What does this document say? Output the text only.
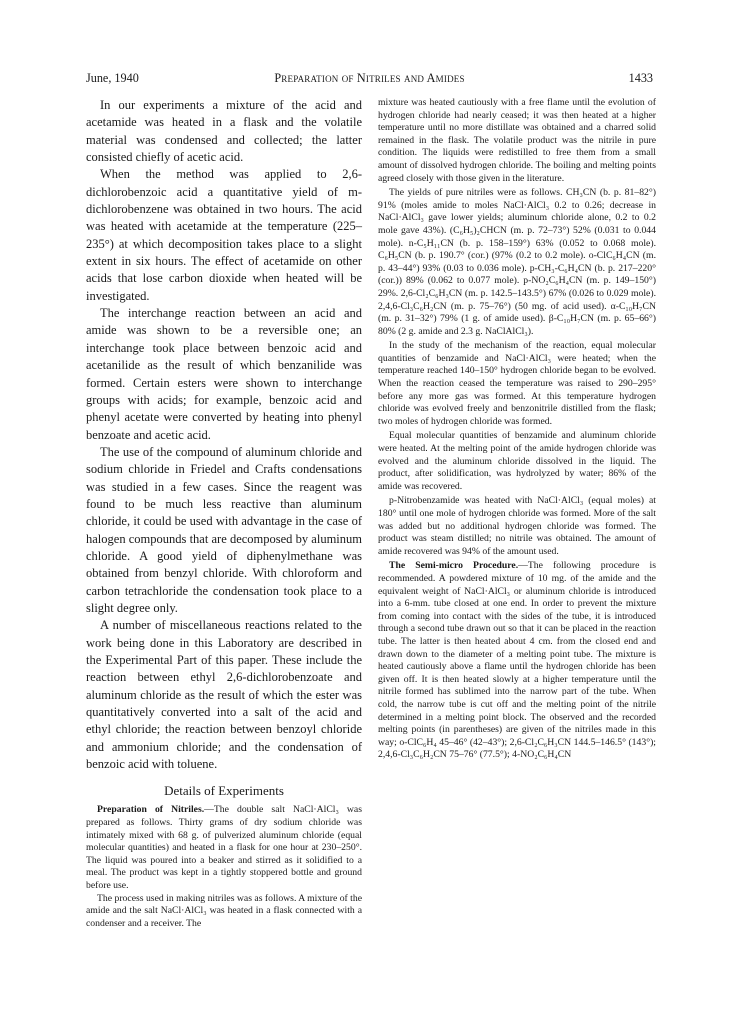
June, 1940	Preparation of Nitriles and Amides	1433

In our experiments a mixture of the acid and acetamide was heated in a flask and the volatile material was condensed and collected; the latter consisted chiefly of acetic acid.

When the method was applied to 2,6-dichlorobenzoic acid a quantitative yield of m-dichlorobenzene was obtained in two hours. The acid was heated with acetamide at the temperature (225–235°) at which decomposition takes place to a slight extent in six hours. The effect of acetamide on other acids that lose carbon dioxide when heated will be investigated.

The interchange reaction between an acid and amide was shown to be a reversible one; an interchange took place between benzoic acid and acetanilide as the result of which benzanilide was formed. Certain esters were shown to interchange groups with acids; for example, benzoic acid and phenyl acetate were converted by heating into phenyl benzoate and acetic acid.

The use of the compound of aluminum chloride and sodium chloride in Friedel and Crafts condensations was studied in a few cases. Since the reagent was found to be much less reactive than aluminum chloride, it could be used with advantage in the case of halogen compounds that are decomposed by aluminum chloride. A good yield of diphenylmethane was obtained from benzyl chloride. With chloroform and carbon tetrachloride the condensation took place to a slight degree only.

A number of miscellaneous reactions related to the work being done in this Laboratory are described in the Experimental Part of this paper. These include the reaction between ethyl 2,6-dichlorobenzoate and aluminum chloride as the result of which the ester was quantitatively converted into a salt of the acid and ethyl chloride; the reaction between benzoyl chloride and ammonium chloride; and the condensation of benzoic acid with toluene.

Details of Experiments

Preparation of Nitriles.—The double salt NaCl·AlCl₃ was prepared as follows. Thirty grams of dry sodium chloride was intimately mixed with 68 g. of pulverized aluminum chloride (equal molecular quantities) and heated in a flask for one hour at 230–250°. The liquid was poured into a beaker and stirred as it solidified to a meal. The product was kept in a tightly stoppered bottle and ground before use.

The process used in making nitriles was as follows. A mixture of the amide and the salt NaCl·AlCl₃ was heated in a flask connected with a condenser and a receiver. The

mixture was heated cautiously with a free flame until the evolution of hydrogen chloride had nearly ceased; it was then heated at a higher temperature until no more distillate was obtained and a charred solid remained in the flask. The volatile product was the nitrile in pure condition. The liquids were redistilled to free them from a small amount of dissolved hydrogen chloride. The boiling and melting points agreed closely with those given in the literature.

The yields of pure nitriles were as follows. CH₃CN (b. p. 81–82°) 91% (moles amide to moles NaCl·AlCl₃ 0.2 to 0.26; decrease in NaCl·AlCl₃ gave lower yields; aluminum chloride alone, 0.2 to 0.2 mole gave 43%). (C₆H₅)₂CHCN (m. p. 72–73°) 52% (0.031 to 0.044 mole). n-C₅H₁₁CN (b. p. 158–159°) 63% (0.052 to 0.068 mole). C₆H₅CN (b. p. 190.7° (cor.) (97% (0.2 to 0.2 mole). o-ClC₆H₄CN (m. p. 43–44°) 93% (0.03 to 0.036 mole). p-CH₃-C₆H₄CN (b. p. 217–220° (cor.)) 89% (0.062 to 0.077 mole). p-NO₂C₆H₄CN (m. p. 149–150°) 29%. 2,6-Cl₂C₆H₃CN (m. p. 142.5–143.5°) 67% (0.026 to 0.029 mole). 2,4,6-Cl₃C₆H₂CN (m. p. 75–76°) (50 mg. of acid used). α-C₁₀H₇CN (m. p. 31–32°) 79% (1 g. of amide used). β-C₁₀H₇CN (m. p. 65–66°) 80% (2 g. amide and 2.3 g. NaClAlCl₃).

In the study of the mechanism of the reaction, equal molecular quantities of benzamide and NaCl·AlCl₃ were heated; when the temperature reached 140–150° hydrogen chloride began to be evolved. When the reaction ceased the temperature was raised to 290–295° before any more gas was formed. At this temperature hydrogen chloride was evolved freely and benzonitrile distilled from the flask; two moles of hydrogen chloride was formed.

Equal molecular quantities of benzamide and aluminum chloride were heated. At the melting point of the amide hydrogen chloride was evolved and the aluminum chloride dissolved in the liquid. The product, after solidification, was hydrolyzed by water; 86% of the amide was recovered.

p-Nitrobenzamide was heated with NaCl·AlCl₃ (equal moles) at 180° until one mole of hydrogen chloride was formed. More of the salt was added but no additional hydrogen chloride was formed. The product was steam distilled; no nitrile was obtained. The amount of amide recovered was 94% of the amount used.

The Semi-micro Procedure.—The following procedure is recommended. A powdered mixture of 10 mg. of the amide and the equivalent weight of NaCl·AlCl₃ or aluminum chloride is introduced into a 6-mm. tube closed at one end. In order to prevent the mixture from coming into contact with the sides of the tube, it is introduced through a second tube drawn out so that it can be placed in the reaction tube. The latter is then heated about 4 cm. from the closed end and drawn down to the diameter of a melting point tube. The mixture is heated cautiously above a flame until the hydrogen chloride has been given off. It is then heated slowly at a higher temperature until the nitrile formed has sublimed into the narrow part of the tube. When cold, the narrow tube is cut off and the melting point of the nitrile determined in a melting point block. The observed and the recorded melting points (in parentheses) are given of the nitriles made in this way; o-ClC₆H₄ 45–46° (42–43°); 2,6-Cl₂C₆H₃CN 144.5–146.5° (143°); 2,4,6-Cl₃C₆H₂CN 75–76° (77.5°); 4-NO₂C₆H₄CN
